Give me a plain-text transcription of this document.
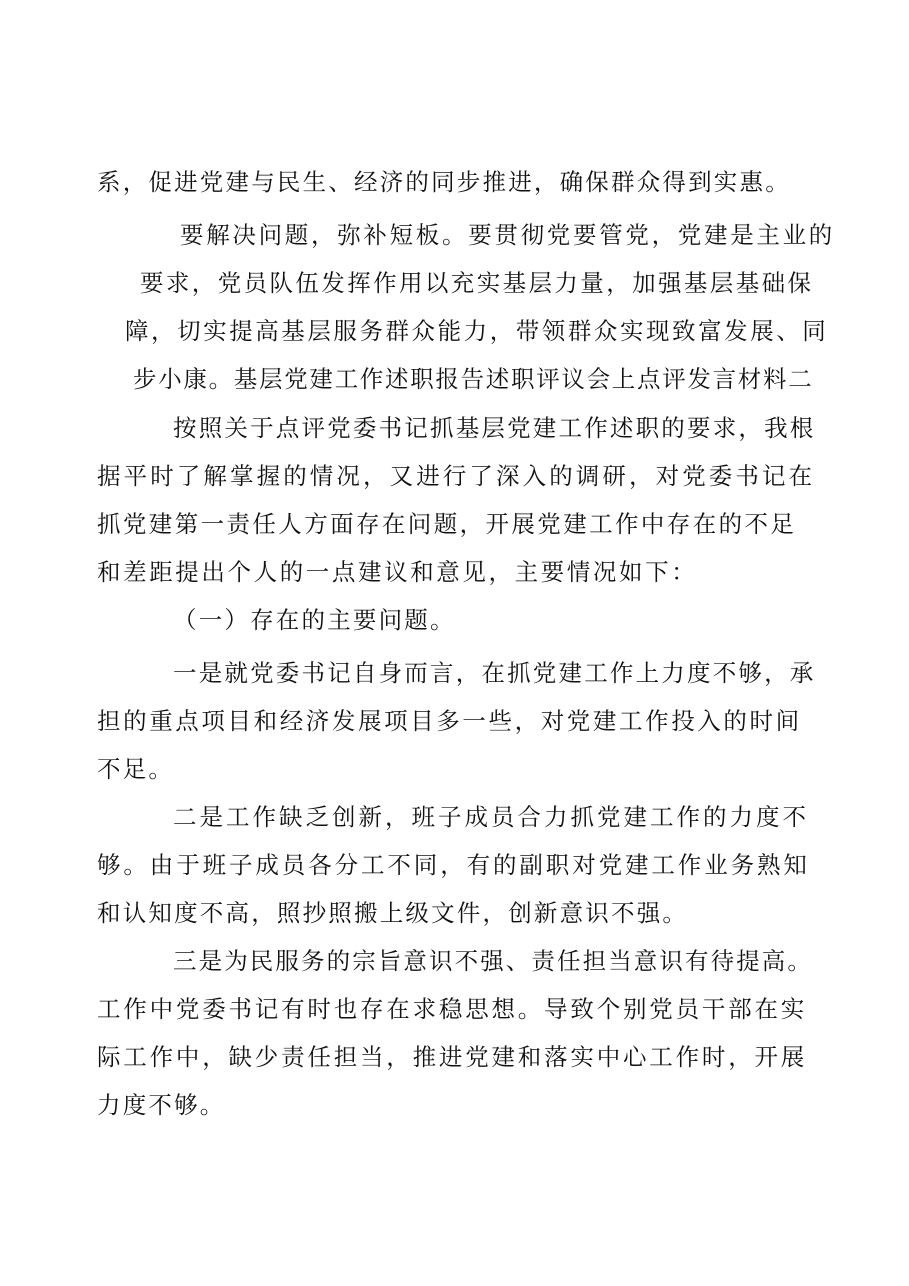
系，促进党建与民生、经济的同步推进，确保群众得到实惠。
要解决问题，弥补短板。要贯彻党要管党，党建是主业的
要求，党员队伍发挥作用以充实基层力量，加强基层基础保
障，切实提高基层服务群众能力，带领群众实现致富发展、同
步小康。基层党建工作述职报告述职评议会上点评发言材料二
按照关于点评党委书记抓基层党建工作述职的要求，我根
据平时了解掌握的情况，又进行了深入的调研，对党委书记在
抓党建第一责任人方面存在问题，开展党建工作中存在的不足
和差距提出个人的一点建议和意见，主要情况如下：
（一）存在的主要问题。
一是就党委书记自身而言，在抓党建工作上力度不够，承
担的重点项目和经济发展项目多一些，对党建工作投入的时间
不足。
二是工作缺乏创新，班子成员合力抓党建工作的力度不
够。由于班子成员各分工不同，有的副职对党建工作业务熟知
和认知度不高，照抄照搬上级文件，创新意识不强。
三是为民服务的宗旨意识不强、责任担当意识有待提高。
工作中党委书记有时也存在求稳思想。导致个别党员干部在实
际工作中，缺少责任担当，推进党建和落实中心工作时，开展
力度不够。
